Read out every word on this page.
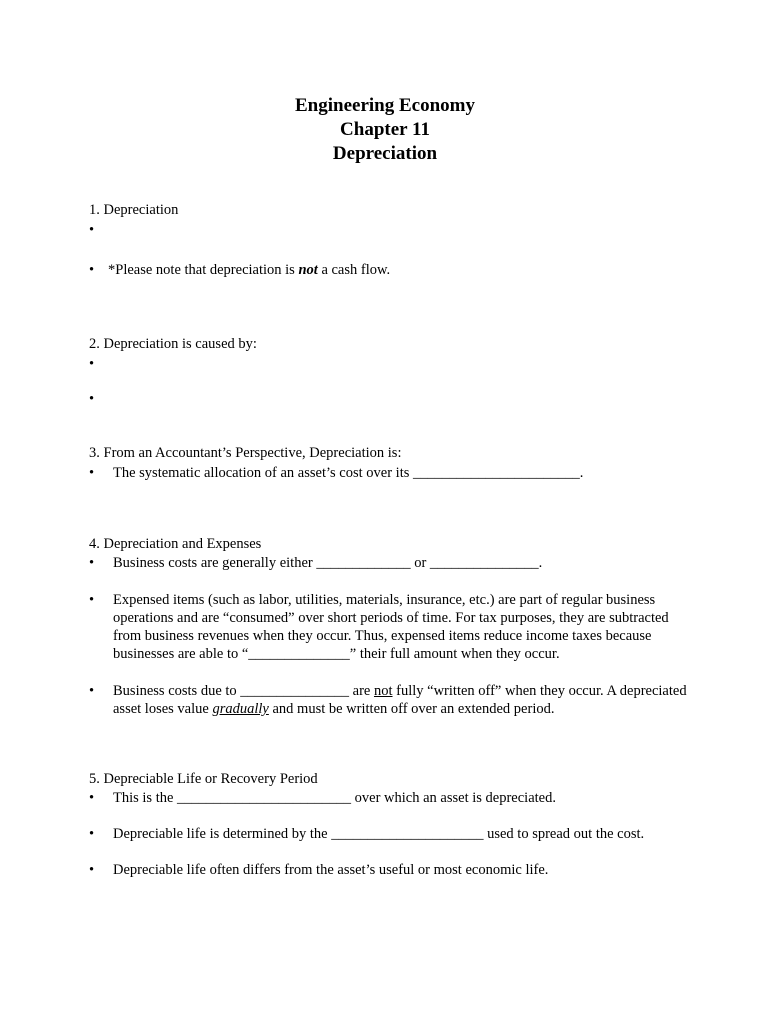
Engineering Economy
Chapter 11
Depreciation
1. Depreciation
•

• *Please note that depreciation is not a cash flow.
2. Depreciation is caused by:
•

•

3. From an Accountant’s Perspective, Depreciation is:
•	The systematic allocation of an asset’s cost over its _______________________.
4. Depreciation and Expenses
•	Business costs are generally either _____________ or _______________.
•	Expensed items (such as labor, utilities, materials, insurance, etc.) are part of regular business operations and are “consumed” over short periods of time. For tax purposes, they are subtracted from business revenues when they occur. Thus, expensed items reduce income taxes because businesses are able to “______________” their full amount when they occur.
•	Business costs due to _______________ are not fully “written off” when they occur. A depreciated asset loses value gradually and must be written off over an extended period.
5. Depreciable Life or Recovery Period
•	This is the ________________________ over which an asset is depreciated.
•	Depreciable life is determined by the _____________________ used to spread out the cost.
•	Depreciable life often differs from the asset’s useful or most economic life.
